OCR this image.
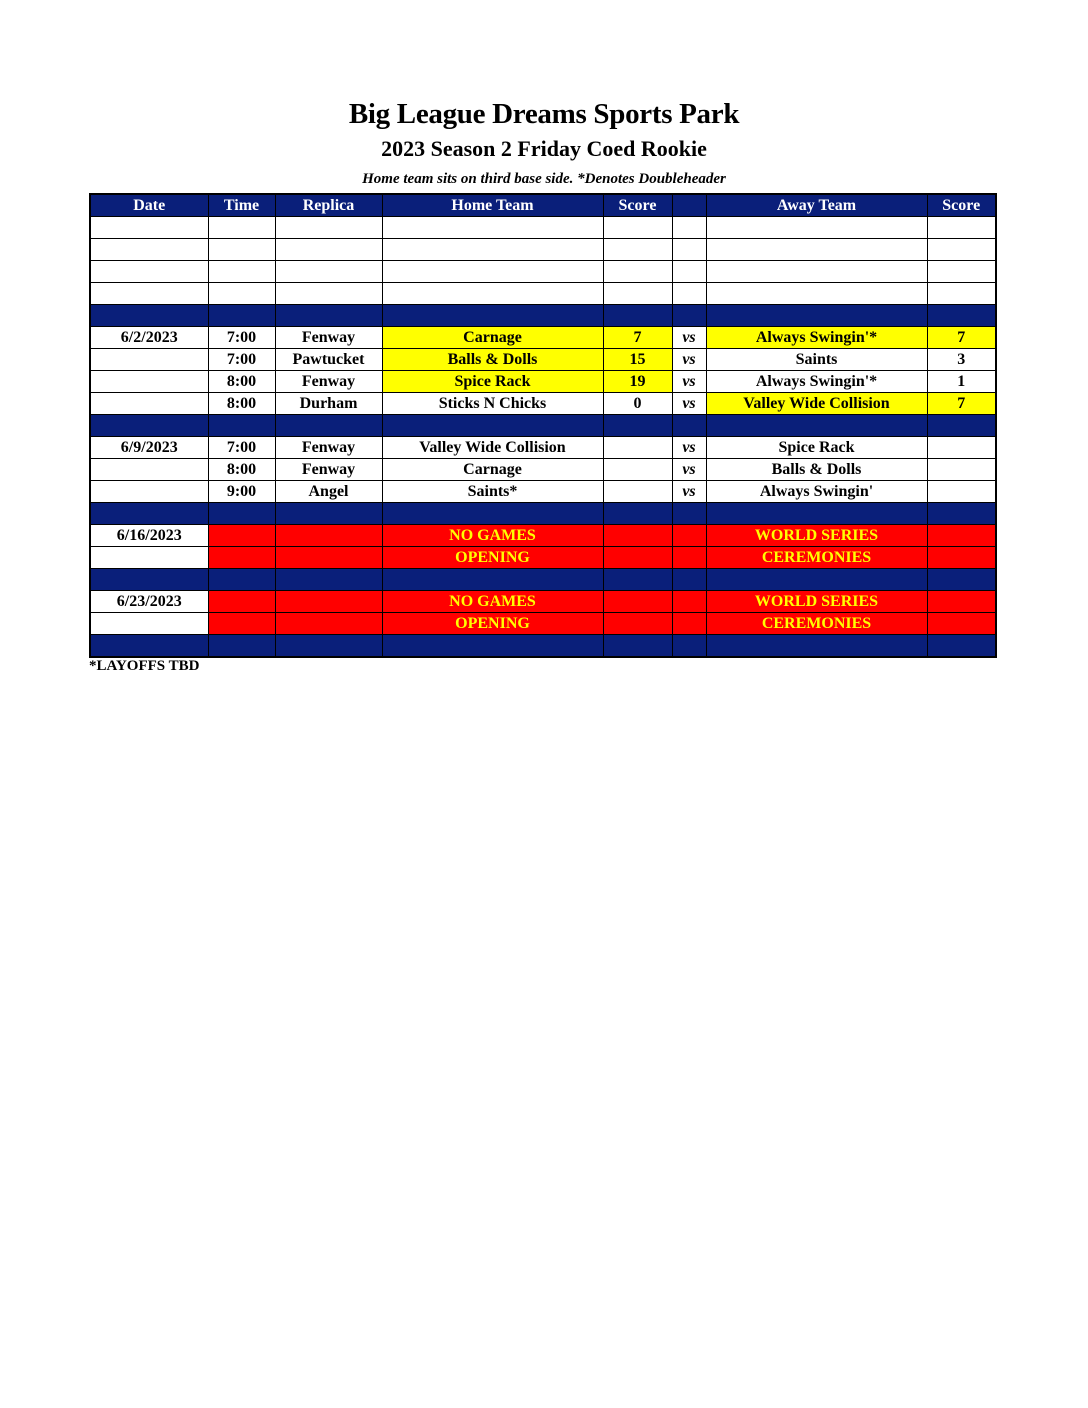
Big League Dreams Sports Park
2023 Season 2 Friday Coed Rookie
Home team sits on third base side. *Denotes Doubleheader
Date	Time	Replica	Home Team	Score		Away Team	Score

6/2/2023	7:00	Fenway	Carnage	7	vs	Always Swingin'*	7
	7:00	Pawtucket	Balls & Dolls	15	vs	Saints	3
	8:00	Fenway	Spice Rack	19	vs	Always Swingin'*	1
	8:00	Durham	Sticks N Chicks	0	vs	Valley Wide Collision	7

6/9/2023	7:00	Fenway	Valley Wide Collision		vs	Spice Rack	
	8:00	Fenway	Carnage		vs	Balls & Dolls	
	9:00	Angel	Saints*		vs	Always Swingin'	

6/16/2023			NO GAMES			WORLD SERIES	
			OPENING			CEREMONIES	

6/23/2023			NO GAMES			WORLD SERIES	
			OPENING			CEREMONIES	

*LAYOFFS TBD
